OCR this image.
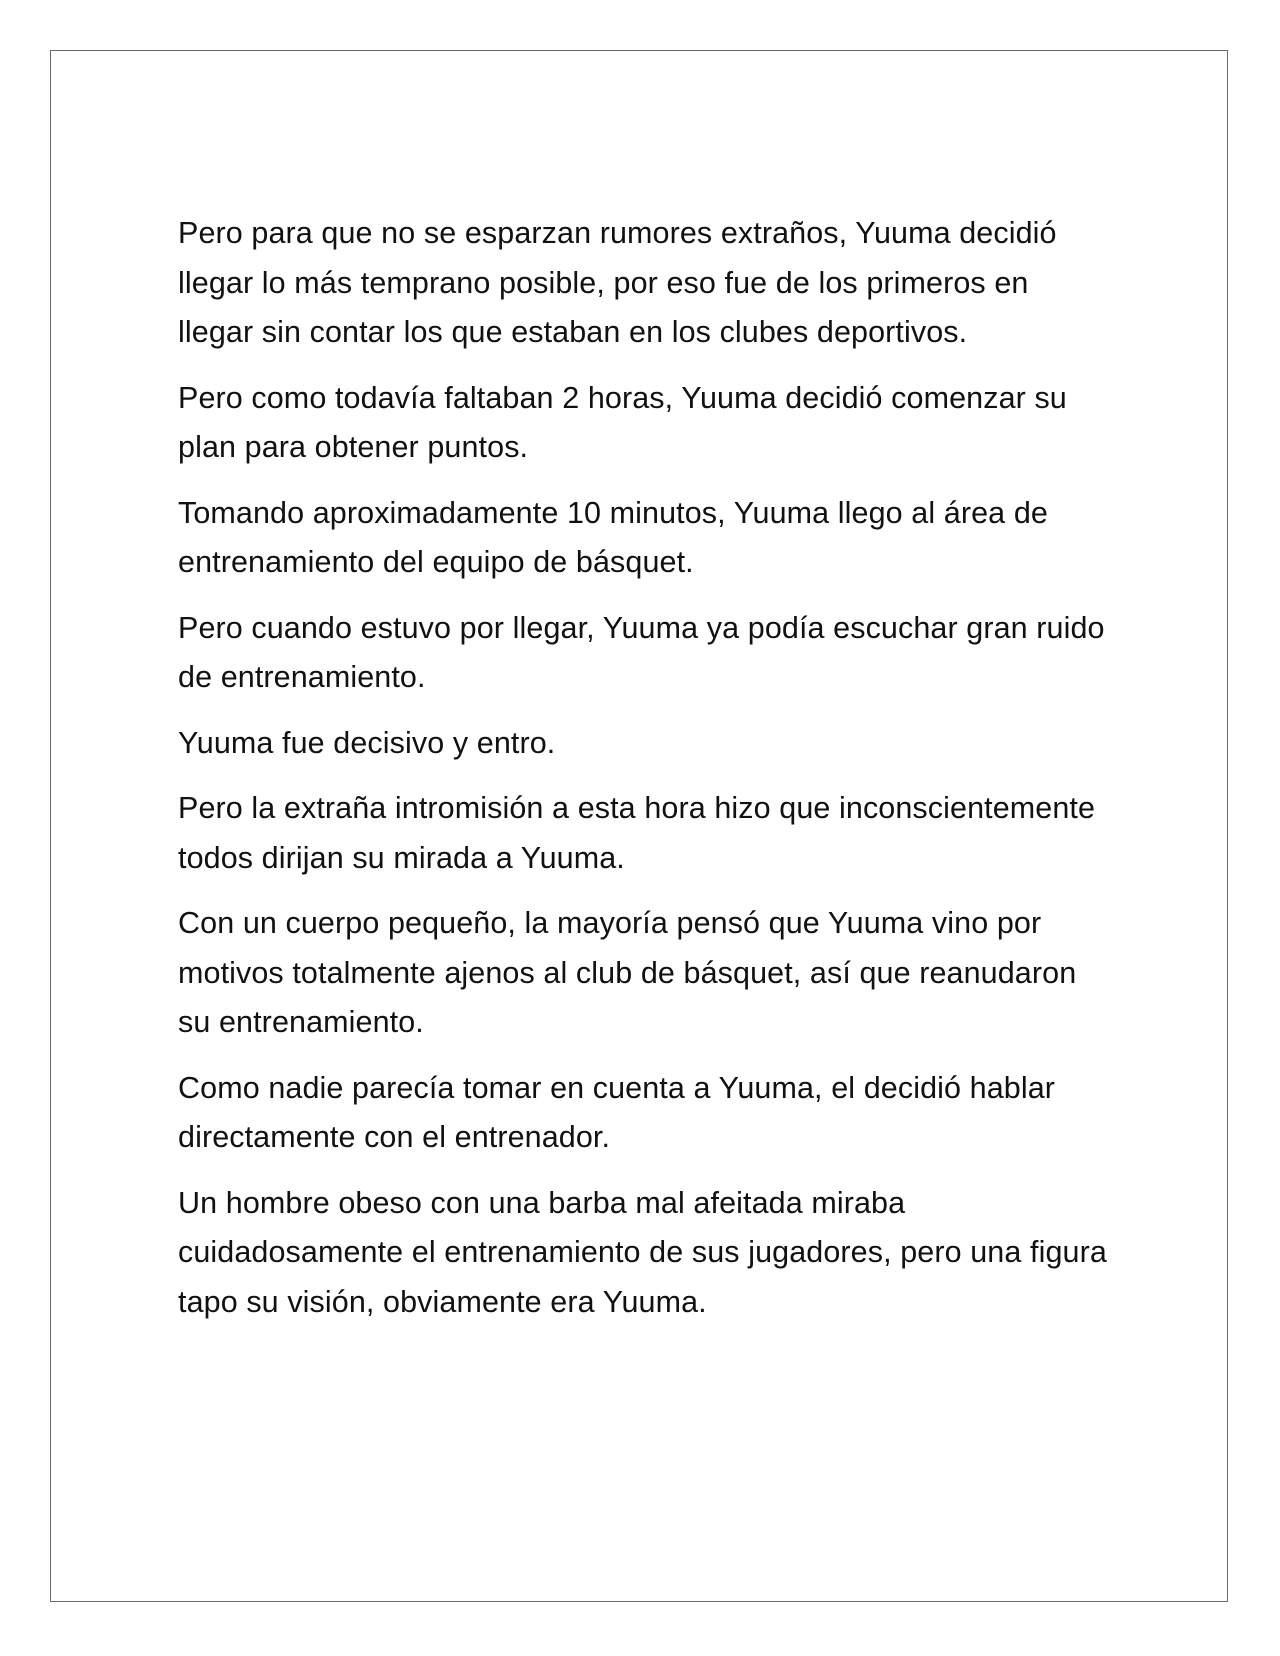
Pero para que no se esparzan rumores extraños, Yuuma decidió llegar lo más temprano posible, por eso fue de los primeros en llegar sin contar los que estaban en los clubes deportivos.

Pero como todavía faltaban 2 horas, Yuuma decidió comenzar su plan para obtener puntos.

Tomando aproximadamente 10 minutos, Yuuma llego al área de entrenamiento del equipo de básquet.

Pero cuando estuvo por llegar, Yuuma ya podía escuchar gran ruido de entrenamiento.

Yuuma fue decisivo y entro.

Pero la extraña intromisión a esta hora hizo que inconscientemente todos dirijan su mirada a Yuuma.

Con un cuerpo pequeño, la mayoría pensó que Yuuma vino por motivos totalmente ajenos al club de básquet, así que reanudaron su entrenamiento.

Como nadie parecía tomar en cuenta a Yuuma, el decidió hablar directamente con el entrenador.

Un hombre obeso con una barba mal afeitada miraba cuidadosamente el entrenamiento de sus jugadores, pero una figura tapo su visión, obviamente era Yuuma.
